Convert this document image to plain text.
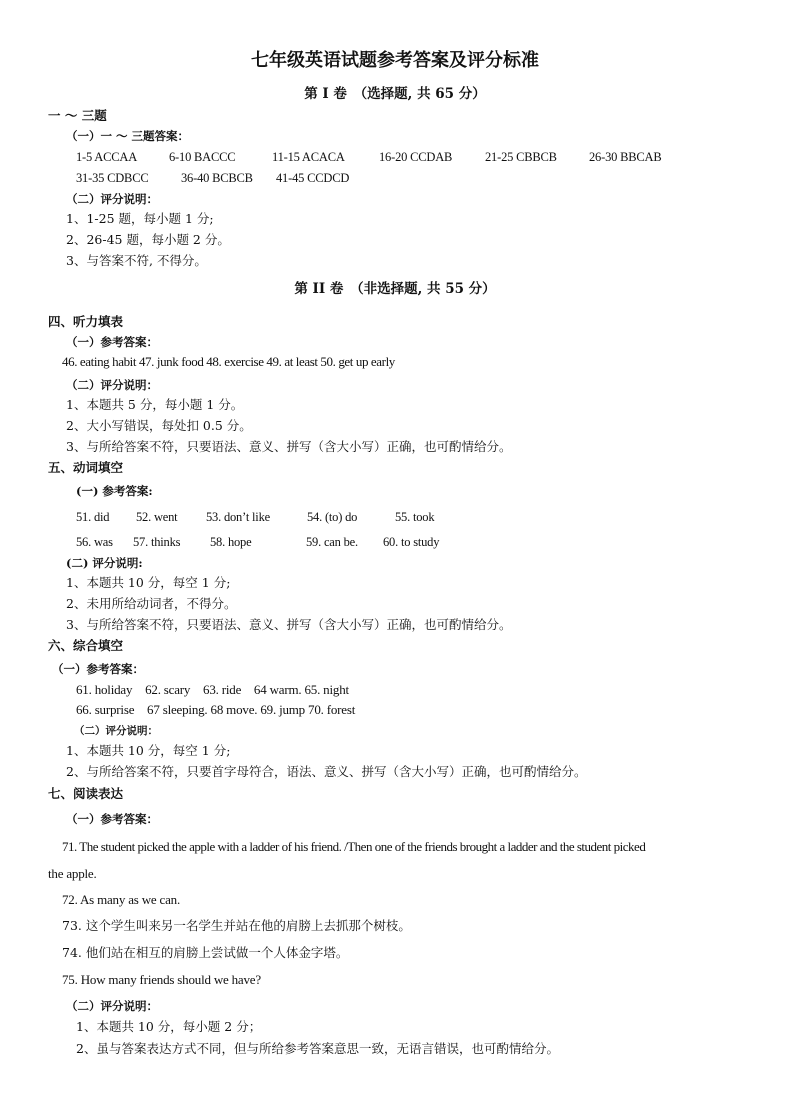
七年级英语试题参考答案及评分标准
第 I 卷　（选择题, 共 65 分）
一 ～ 三题
（一）一 ～ 三题答案：
1-5 ACCAA	6-10 BACCC	11-15 ACACA	16-20 CCDAB	21-25 CBBCB	26-30 BBCAB
31-35 CDBCC	36-40 BCBCB 41-45 CCDCD
（二）评分说明：
1、1-25 题，每小题 1 分;
2、26-45 题，每小题 2 分。
3、与答案不符, 不得分。
第 II 卷　（非选择题, 共 55 分）
四、听力填表
（一）参考答案：
46. eating habit 47. junk food 48. exercise 49. at least 50. get up early
（二）评分说明：
1、本题共 5 分，每小题 1 分。
2、大小写错误，每处扣 0.5 分。
3、与所给答案不符，只要语法、意义、拼写（含大小写）正确，也可酌情给分。
五、动词填空
(一) 参考答案:
51. did 52. went 53. don’t like	54. (to) do	55. took
56. was 57. thinks 58. hope	59. can be. 60. to study
(二) 评分说明:
1、本题共 10 分，每空 1 分;
2、未用所给动词者，不得分。
3、与所给答案不符，只要语法、意义、拼写（含大小写）正确，也可酌情给分。
六、综合填空
（一）参考答案：
61. holiday　62. scary　63. ride　64 warm. 65. night
66. surprise　67 sleeping. 68 move. 69. jump 70. forest
（二）评分说明：
1、本题共 10 分，每空 1 分;
2、与所给答案不符，只要首字母符合，语法、意义、拼写（含大小写）正确，也可酌情给分。
七、阅读表达
（一）参考答案：
71. The student picked the apple with a ladder of his friend. /Then one of the friends brought a ladder and the student picked
the apple.
72. As many as we can.
73. 这个学生叫来另一名学生并站在他的肩膀上去抓那个树枝。
74. 他们站在相互的肩膀上尝试做一个人体金字塔。
75. How many friends should we have?
（二）评分说明：
1、本题共 10 分，每小题 2 分；
2、虽与答案表达方式不同，但与所给参考答案意思一致，无语言错误，也可酌情给分。
